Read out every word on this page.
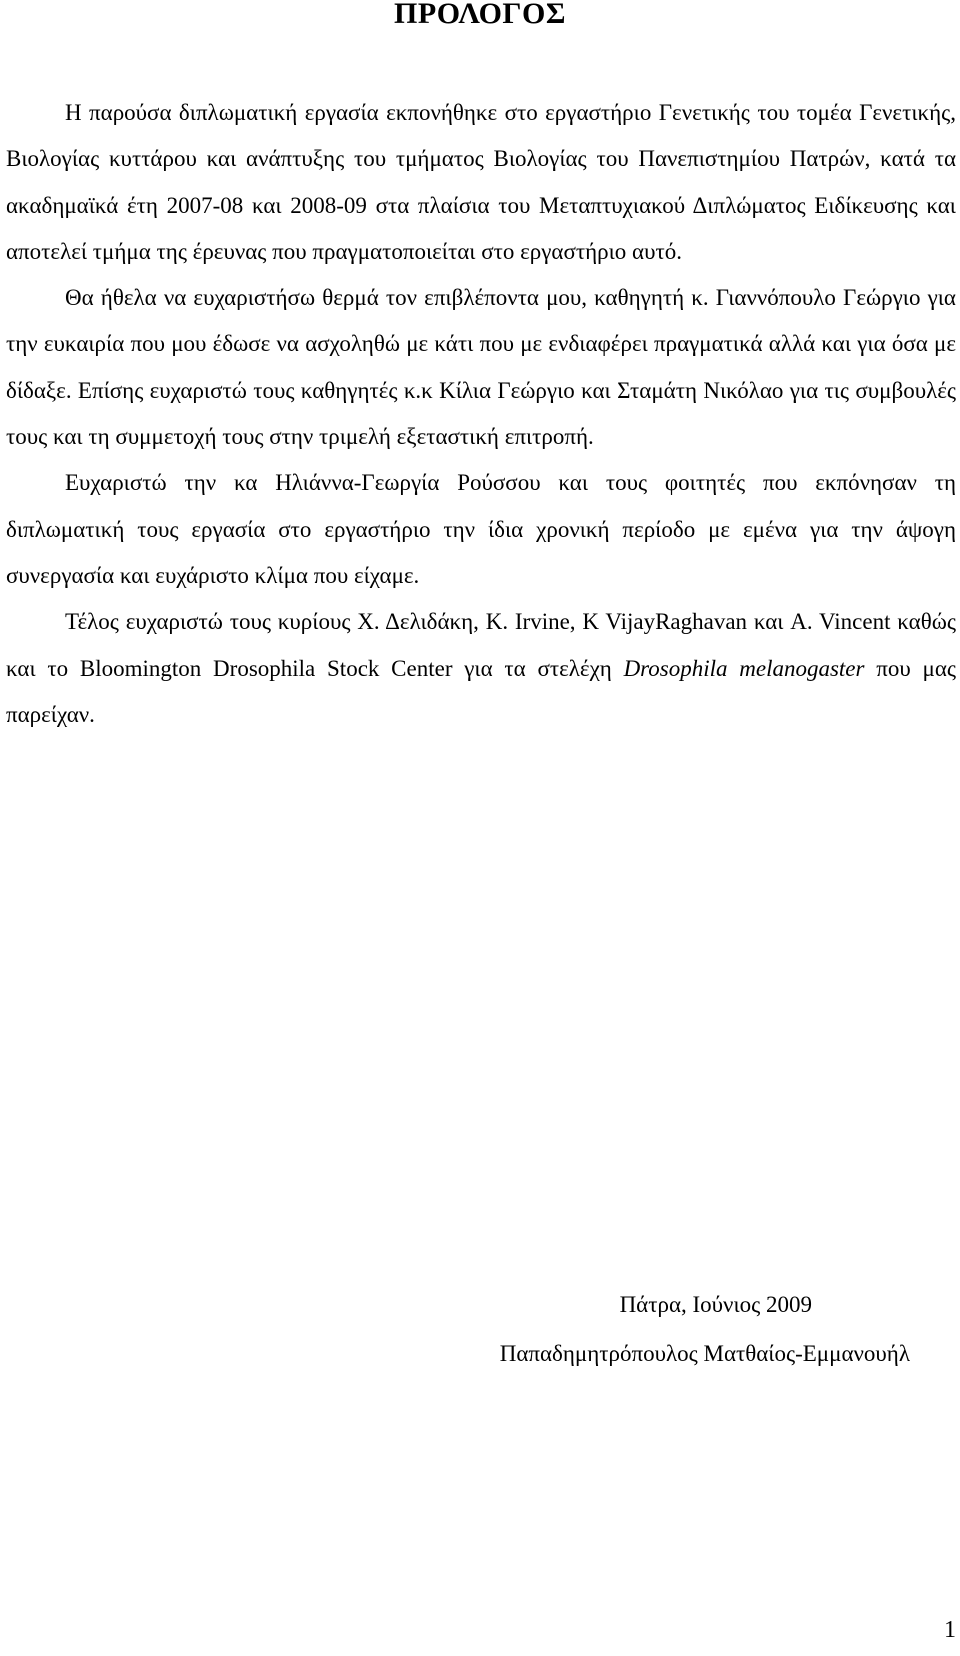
ΠΡΟΛΟΓΟΣ

Η παρούσα διπλωματική εργασία εκπονήθηκε στο εργαστήριο Γενετικής του τομέα Γενετικής, Βιολογίας κυττάρου και ανάπτυξης του τμήματος Βιολογίας του Πανεπιστημίου Πατρών, κατά τα ακαδημαϊκά έτη 2007-08 και 2008-09 στα πλαίσια του Μεταπτυχιακού Διπλώματος Ειδίκευσης και αποτελεί τμήμα της έρευνας που πραγματοποιείται στο εργαστήριο αυτό.

Θα ήθελα να ευχαριστήσω θερμά τον επιβλέποντα μου, καθηγητή κ. Γιαννόπουλο Γεώργιο για την ευκαιρία που μου έδωσε να ασχοληθώ με κάτι που με ενδιαφέρει πραγματικά αλλά και για όσα με δίδαξε. Επίσης ευχαριστώ τους καθηγητές κ.κ Κίλια Γεώργιο και Σταμάτη Νικόλαο για τις συμβουλές τους και τη συμμετοχή τους στην τριμελή εξεταστική επιτροπή.

Ευχαριστώ την κα Ηλιάννα-Γεωργία Ρούσσου και τους φοιτητές που εκπόνησαν τη διπλωματική τους εργασία στο εργαστήριο την ίδια χρονική περίοδο με εμένα για την άψογη συνεργασία και ευχάριστο κλίμα που είχαμε.

Τέλος ευχαριστώ τους κυρίους Χ. Δελιδάκη, K. Irvine, K VijayRaghavan και A. Vincent καθώς και το Bloomington Drosophila Stock Center για τα στελέχη Drosophila melanogaster που μας παρείχαν.

Πάτρα, Ιούνιος 2009
Παπαδημητρόπουλος Ματθαίος-Εμμανουήλ
1
